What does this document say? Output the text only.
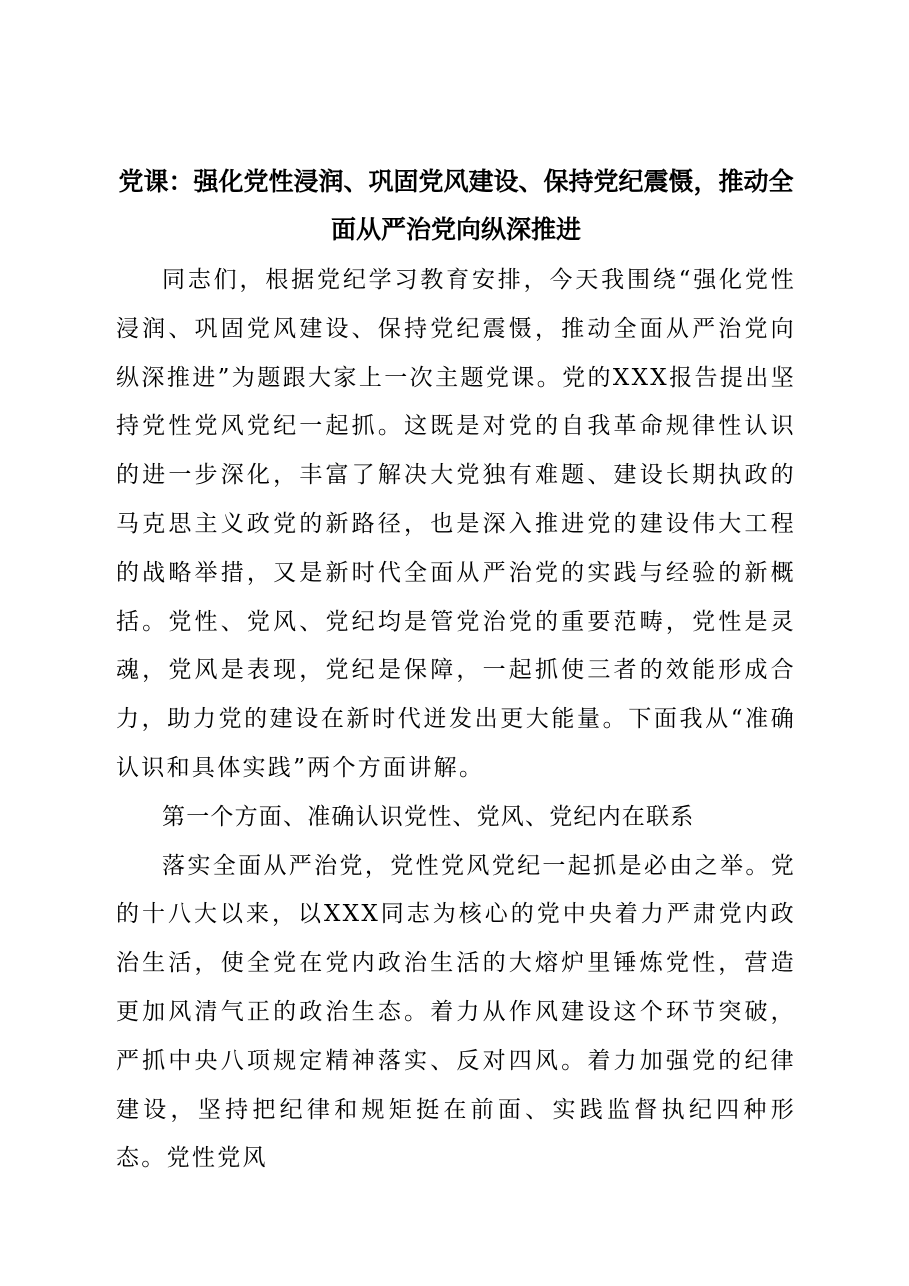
党课：强化党性浸润、巩固党风建设、保持党纪震慑，推动全
面从严治党向纵深推进

同志们，根据党纪学习教育安排，今天我围绕“强化党性浸润、巩固党风建设、保持党纪震慑，推动全面从严治党向纵深推进”为题跟大家上一次主题党课。党的XXX报告提出坚持党性党风党纪一起抓。这既是对党的自我革命规律性认识的进一步深化，丰富了解决大党独有难题、建设长期执政的马克思主义政党的新路径，也是深入推进党的建设伟大工程的战略举措，又是新时代全面从严治党的实践与经验的新概括。党性、党风、党纪均是管党治党的重要范畴，党性是灵魂，党风是表现，党纪是保障，一起抓使三者的效能形成合力，助力党的建设在新时代迸发出更大能量。下面我从“准确认识和具体实践”两个方面讲解。

第一个方面、准确认识党性、党风、党纪内在联系

落实全面从严治党，党性党风党纪一起抓是必由之举。党的十八大以来，以XXX同志为核心的党中央着力严肃党内政治生活，使全党在党内政治生活的大熔炉里锤炼党性，营造更加风清气正的政治生态。着力从作风建设这个环节突破，严抓中央八项规定精神落实、反对四风。着力加强党的纪律建设，坚持把纪律和规矩挺在前面、实践监督执纪四种形态。党性党风
